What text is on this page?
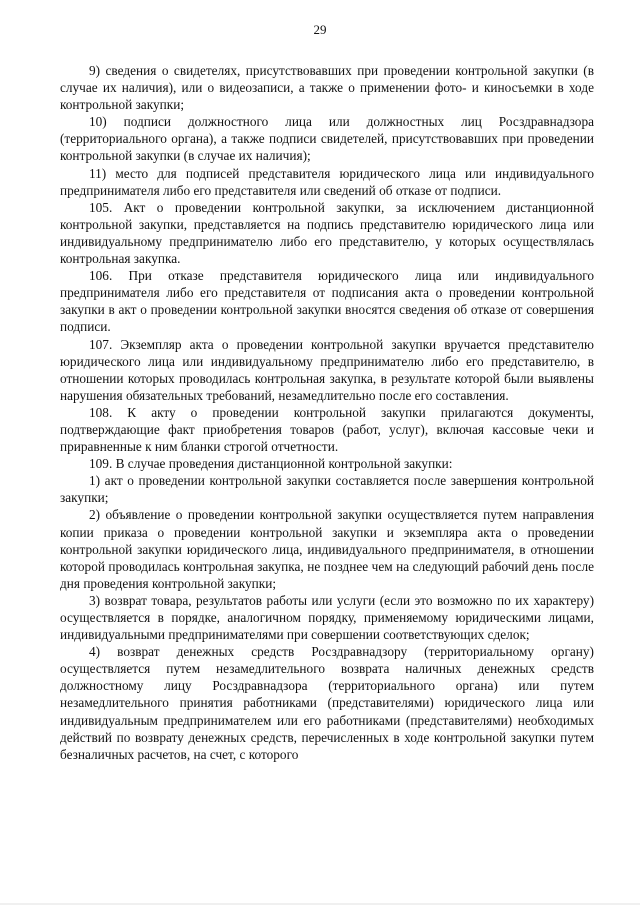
29

9) сведения о свидетелях, присутствовавших при проведении контрольной закупки (в случае их наличия), или о видеозаписи, а также о применении фото- и киносъемки в ходе контрольной закупки;

10) подписи должностного лица или должностных лиц Росздравнадзора (территориального органа), а также подписи свидетелей, присутствовавших при проведении контрольной закупки (в случае их наличия);

11) место для подписей представителя юридического лица или индивидуального предпринимателя либо его представителя или сведений об отказе от подписи.

105. Акт о проведении контрольной закупки, за исключением дистанционной контрольной закупки, представляется на подпись представителю юридического лица или индивидуальному предпринимателю либо его представителю, у которых осуществлялась контрольная закупка.

106. При отказе представителя юридического лица или индивидуального предпринимателя либо его представителя от подписания акта о проведении контрольной закупки в акт о проведении контрольной закупки вносятся сведения об отказе от совершения подписи.

107. Экземпляр акта о проведении контрольной закупки вручается представителю юридического лица или индивидуальному предпринимателю либо его представителю, в отношении которых проводилась контрольная закупка, в результате которой были выявлены нарушения обязательных требований, незамедлительно после его составления.

108. К акту о проведении контрольной закупки прилагаются документы, подтверждающие факт приобретения товаров (работ, услуг), включая кассовые чеки и приравненные к ним бланки строгой отчетности.

109. В случае проведения дистанционной контрольной закупки:

1) акт о проведении контрольной закупки составляется после завершения контрольной закупки;

2) объявление о проведении контрольной закупки осуществляется путем направления копии приказа о проведении контрольной закупки и экземпляра акта о проведении контрольной закупки юридического лица, индивидуального предпринимателя, в отношении которой проводилась контрольная закупка, не позднее чем на следующий рабочий день после дня проведения контрольной закупки;

3) возврат товара, результатов работы или услуги (если это возможно по их характеру) осуществляется в порядке, аналогичном порядку, применяемому юридическими лицами, индивидуальными предпринимателями при совершении соответствующих сделок;

4) возврат денежных средств Росздравнадзору (территориальному органу) осуществляется путем незамедлительного возврата наличных денежных средств должностному лицу Росздравнадзора (территориального органа) или путем незамедлительного принятия работниками (представителями) юридического лица или индивидуальным предпринимателем или его работниками (представителями) необходимых действий по возврату денежных средств, перечисленных в ходе контрольной закупки путем безналичных расчетов, на счет, с которого
